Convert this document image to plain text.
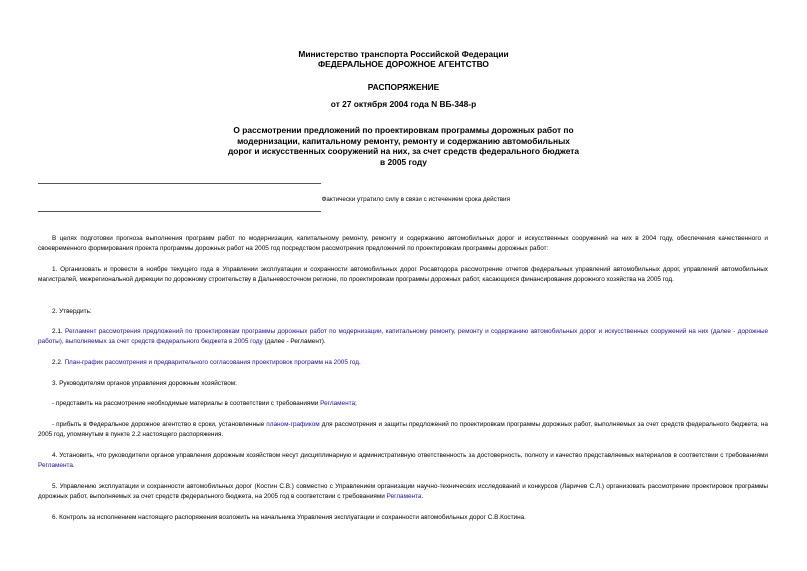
Министерство транспорта Российской Федерации
ФЕДЕРАЛЬНОЕ ДОРОЖНОЕ АГЕНТСТВО
РАСПОРЯЖЕНИЕ
от 27 октября 2004 года N ВБ-348-р
О рассмотрении предложений по проектировкам программы дорожных работ по
модернизации, капитальному ремонту, ремонту и содержанию автомобильных
дорог и искусственных сооружений на них, за счет средств федерального бюджета
в 2005 году
Фактически утратило силу в связи с истечением срока действия

В целях подготовки прогноза выполнения программ работ по модернизации, капитальному ремонту, ремонту и содержанию автомобильных дорог и искусственных сооружений на них в 2004 году, обеспечения качественного и своевременного формирования проекта программы дорожных работ на 2005 год посредством рассмотрения предложений по проектировкам программы дорожных работ:

1. Организовать и провести в ноябре текущего года в Управлении эксплуатации и сохранности автомобильных дорог Росавтодора рассмотрение отчетов федеральных управлений автомобильных дорог, управлений автомобильных магистралей, межрегиональной дирекции по дорожному строительству в Дальневосточном регионе, по проектировкам программы дорожных работ, касающихся финансирования дорожного хозяйства на 2005 год.

2. Утвердить:

2.1. Регламент рассмотрения предложений по проектировкам программы дорожных работ по модернизации, капитальному ремонту, ремонту и содержанию автомобильных дорог и искусственных сооружений на них (далее - дорожные работы), выполняемых за счет средств федерального бюджета в 2005 году (далее - Регламент).

2.2. План-график рассмотрения и предварительного согласования проектировок программ на 2005 год.

3. Руководителям органов управления дорожным хозяйством:

- представить на рассмотрение необходимые материалы в соответствии с требованиями Регламента;

- прибыть в Федеральное дорожное агентство в сроки, установленные планом-графиком для рассмотрения и защиты предложений по проектировкам программы дорожных работ, выполняемых за счет средств федерального бюджета, на 2005 год, упомянутым в пункте 2.2 настоящего распоряжения.

4. Установить, что руководители органов управления дорожным хозяйством несут дисциплинарную и административную ответственность за достоверность, полноту и качество представляемых материалов в соответствии с требованиями Регламента.

5. Управлению эксплуатации и сохранности автомобильных дорог (Костин С.В.) совместно с Управлением организации научно-технических исследований и конкурсов (Ларичев С.Л.) организовать рассмотрение проектировок программы дорожных работ, выполняемых за счет средств федерального бюджета, на 2005 год в соответствии с требованиями Регламента.

6. Контроль за исполнением настоящего распоряжения возложить на начальника Управления эксплуатации и сохранности автомобильных дорог С.В.Костина.
